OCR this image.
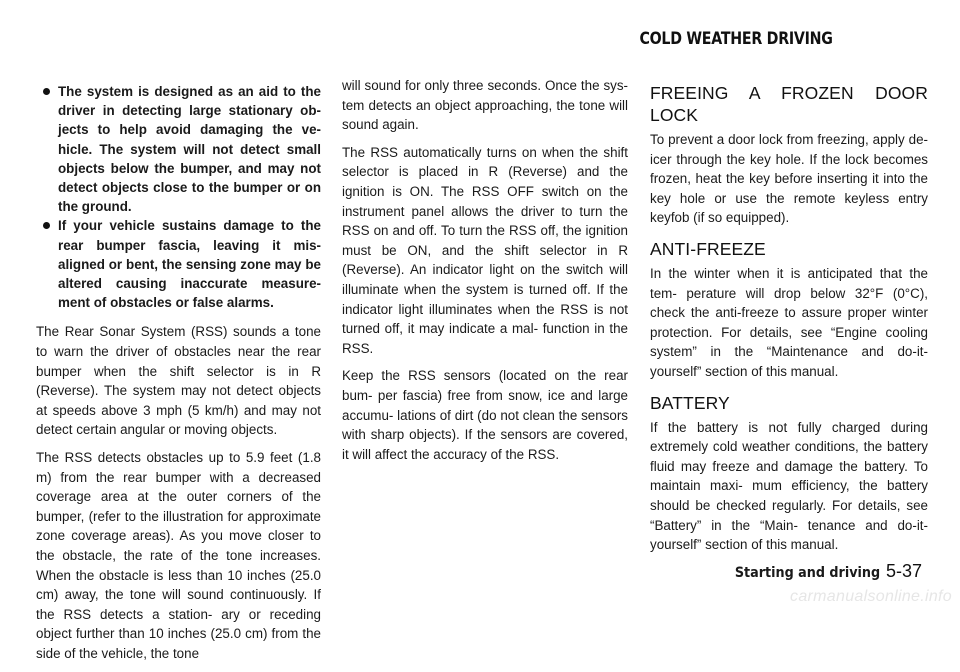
COLD WEATHER DRIVING
The system is designed as an aid to the driver in detecting large stationary ob- jects to help avoid damaging the ve- hicle. The system will not detect small objects below the bumper, and may not detect objects close to the bumper or on the ground.
If your vehicle sustains damage to the rear bumper fascia, leaving it mis- aligned or bent, the sensing zone may be altered causing inaccurate measure- ment of obstacles or false alarms.

The Rear Sonar System (RSS) sounds a tone to warn the driver of obstacles near the rear bumper when the shift selector is in R (Reverse). The system may not detect objects at speeds above 3 mph (5 km/h) and may not detect certain angular or moving objects.

The RSS detects obstacles up to 5.9 feet (1.8 m) from the rear bumper with a decreased coverage area at the outer corners of the bumper, (refer to the illustration for approximate zone coverage areas). As you move closer to the obstacle, the rate of the tone increases. When the obstacle is less than 10 inches (25.0 cm) away, the tone will sound continuously. If the RSS detects a station- ary or receding object further than 10 inches (25.0 cm) from the side of the vehicle, the tone

will sound for only three seconds. Once the sys- tem detects an object approaching, the tone will sound again.

The RSS automatically turns on when the shift selector is placed in R (Reverse) and the ignition is ON. The RSS OFF switch on the instrument panel allows the driver to turn the RSS on and off. To turn the RSS off, the ignition must be ON, and the shift selector in R (Reverse). An indicator light on the switch will illuminate when the system is turned off. If the indicator light illuminates when the RSS is not turned off, it may indicate a mal- function in the RSS.

Keep the RSS sensors (located on the rear bum- per fascia) free from snow, ice and large accumu- lations of dirt (do not clean the sensors with sharp objects). If the sensors are covered, it will affect the accuracy of the RSS.

FREEING A FROZEN DOOR LOCK

To prevent a door lock from freezing, apply de- icer through the key hole. If the lock becomes frozen, heat the key before inserting it into the key hole or use the remote keyless entry keyfob (if so equipped).

ANTI-FREEZE

In the winter when it is anticipated that the tem- perature will drop below 32°F (0°C), check the anti-freeze to assure proper winter protection. For details, see “Engine cooling system” in the “Maintenance and do-it-yourself” section of this manual.

BATTERY

If the battery is not fully charged during extremely cold weather conditions, the battery fluid may freeze and damage the battery. To maintain maxi- mum efficiency, the battery should be checked regularly. For details, see “Battery” in the “Main- tenance and do-it-yourself” section of this manual.

Starting and driving 5-37
carmanualsonline.info
